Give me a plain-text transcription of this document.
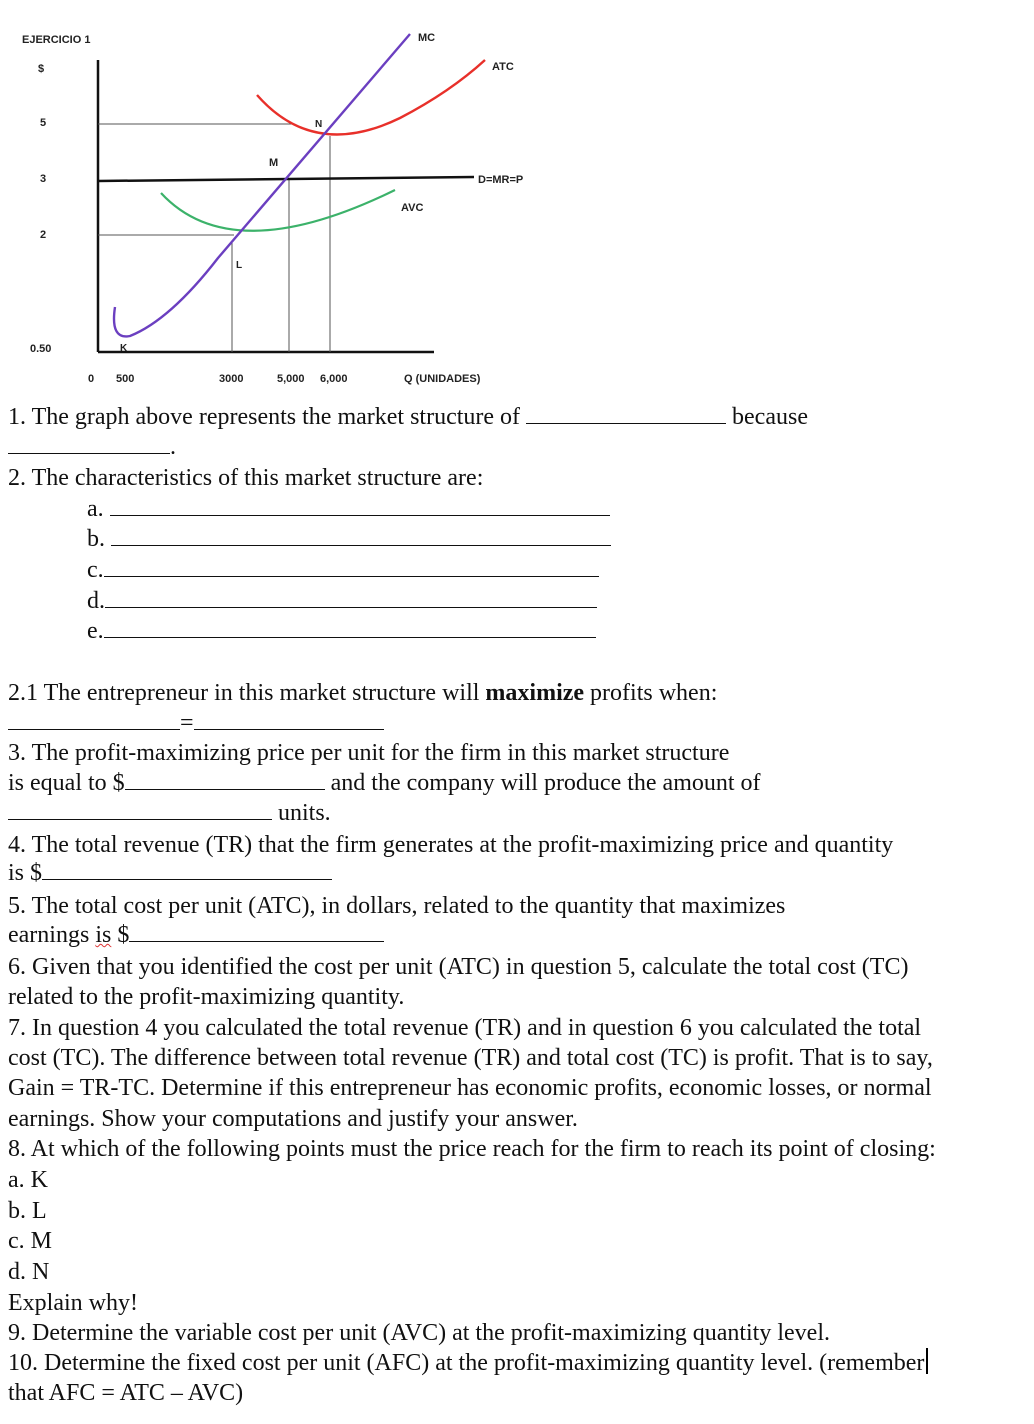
EJERCICIO 1
$
Q (UNIDADES)
MC
ATC
AVC
D=MR=P
K
L
M
N
5
3
2
0.50
0 500	3000	5,000 6,000
1. The graph above represents the market structure of	because
.
2. The characteristics of this market structure are:
a.
b.
c.
d.
e.
2.1 The entrepreneur in this market structure will maximize profits when:
=
3. The profit-maximizing price per unit for the firm in this market structure
is equal to $	and the company will produce the amount of
units.
4. The total revenue (TR) that the firm generates at the profit-maximizing price and quantity
is $
5. The total cost per unit (ATC), in dollars, related to the quantity that maximizes
earnings is $
6. Given that you identified the cost per unit (ATC) in question 5, calculate the total cost (TC)
related to the profit-maximizing quantity.
7. In question 4 you calculated the total revenue (TR) and in question 6 you calculated the total
cost (TC). The difference between total revenue (TR) and total cost (TC) is profit. That is to say,
Gain = TR-TC. Determine if this entrepreneur has economic profits, economic losses, or normal
earnings. Show your computations and justify your answer.
8. At which of the following points must the price reach for the firm to reach its point of closing:
a. K
b. L
c. M
d. N
Explain why!
9. Determine the variable cost per unit (AVC) at the profit-maximizing quantity level.
10. Determine the fixed cost per unit (AFC) at the profit-maximizing quantity level. (remember
that AFC = ATC – AVC)
